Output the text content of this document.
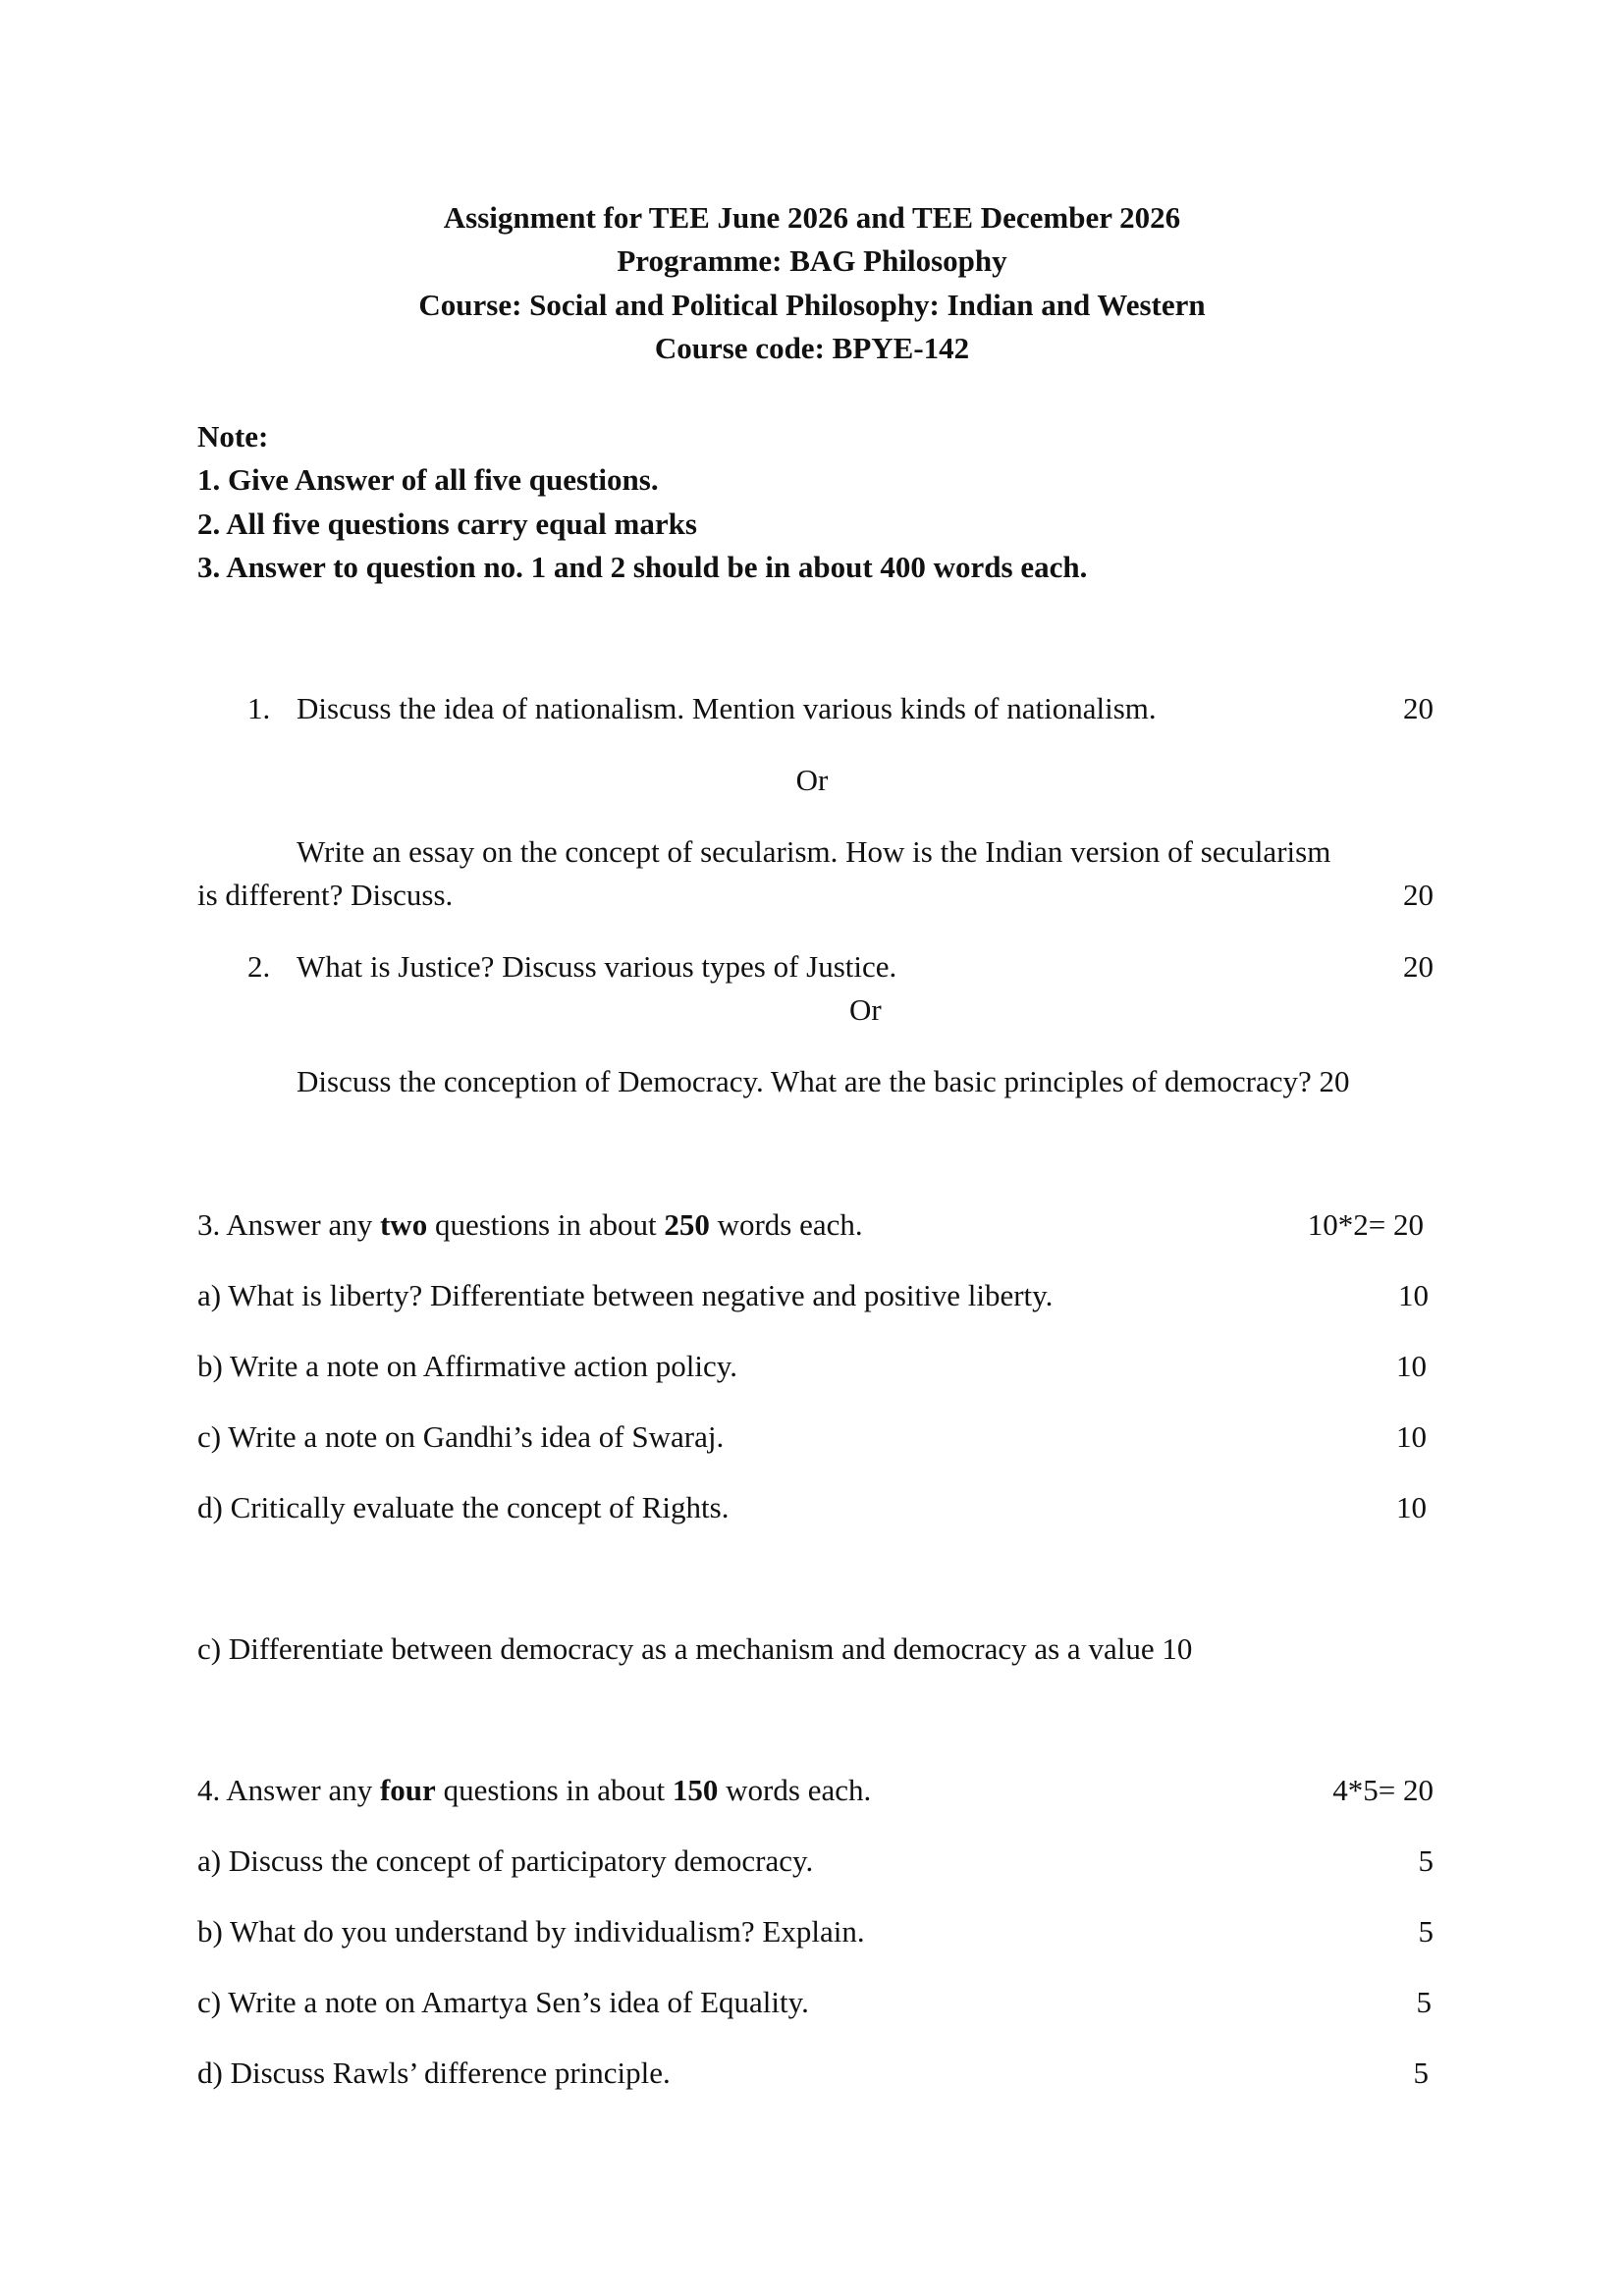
Assignment for TEE June 2026 and TEE December 2026
Programme: BAG Philosophy
Course: Social and Political Philosophy: Indian and Western
Course code: BPYE-142
Note:
1. Give Answer of all five questions.
2. All five questions carry equal marks
3. Answer to question no. 1 and 2 should be in about 400 words each.
1. Discuss the idea of nationalism. Mention various kinds of nationalism.	20
Or
Write an essay on the concept of secularism. How is the Indian version of secularism
is different? Discuss.	20
2. What is Justice? Discuss various types of Justice.	20
Or
Discuss the conception of Democracy. What are the basic principles of democracy? 20
3. Answer any two questions in about 250 words each.	10*2= 20
a) What is liberty? Differentiate between negative and positive liberty.	10
b) Write a note on Affirmative action policy.	10
c) Write a note on Gandhi’s idea of Swaraj.	10
d) Critically evaluate the concept of Rights.	10
c) Differentiate between democracy as a mechanism and democracy as a value 10
4. Answer any four questions in about 150 words each.	4*5= 20
a) Discuss the concept of participatory democracy.	5
b) What do you understand by individualism? Explain.	5
c) Write a note on Amartya Sen’s idea of Equality.	5
d) Discuss Rawls’ difference principle.	5
